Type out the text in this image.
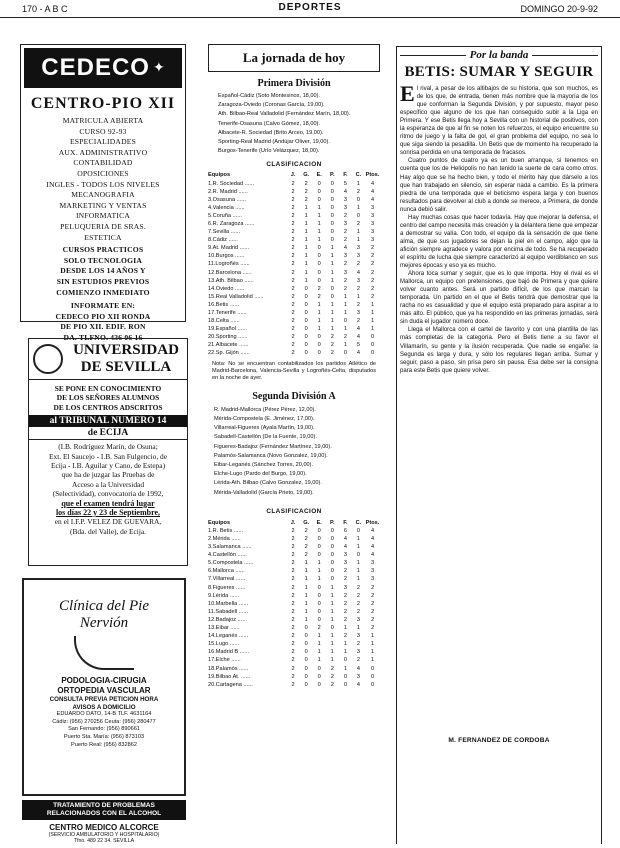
170 - A B C	DEPORTES	DOMINGO 20-9-92
CEDECO ✦
CENTRO-PIO XII
MATRICULA ABIERTA
CURSO 92-93
ESPECIALIDADES
AUX. ADMINISTRATIVO
CONTABILIDAD
OPOSICIONES
INGLES - TODOS LOS NIVELES
MECANOGRAFIA
MARKETING Y VENTAS
INFORMATICA
PELUQUERIA DE SRAS.
ESTETICA
CURSOS PRACTICOS
SOLO TECNOLOGIA
DESDE LOS 14 AÑOS Y
SIN ESTUDIOS PREVIOS
COMIENZO INMEDIATO
INFORMATE EN:
CEDECO PIO XII RONDA
DE PIO XII. EDIF. RON
DA. TLFNO. 436 06 16
UNIVERSIDAD
DE SEVILLA
SE PONE EN CONOCIMIENTO
DE LOS SEÑORES ALUMNOS
DE LOS CENTROS ADSCRITOS
al TRIBUNAL NUMERO 14
de ECIJA
(I.B. Rodríguez Marín, de Osuna;
Ext. El Saucejo - I.B. San Fulgencio, de
Ecija - I.B. Aguilar y Cano, de Estepa)
que ha de juzgar las Pruebas de
Acceso a la Universidad
(Selectividad), convocatoria de 1992,
que el examen tendrá lugar
los días 22 y 23 de Septiembre,
en el I.F.P. VELEZ DE GUEVARA,
(Bda. del Valle), de Ecija.
Clínica del Pie
Nervión
PODOLOGIA-CIRUGIA
ORTOPEDIA VASCULAR
CONSULTA PREVIA PETICION HORA
AVISOS A DOMICILIO
EDUARDO DATO, 14-B TLF. 4631164
Cádiz: (956) 270256 Ceuta: (956) 280477
San Fernando: (956) 890661
Puerto Sta. María: (956) 873103
Puerto Real: (956) 832862
TRATAMIENTO DE PROBLEMAS
RELACIONADOS CON EL ALCOHOL
CENTRO MEDICO ALCORCE
(SERVICIO AMBULATORIO Y HOSPITALARIO)
Tfno. 489 22 34. SEVILLA
La jornada de hoy
Primera División
Español-Cádiz (Soto Montesinos, 18,00).
Zaragoza-Oviedo (Coronas García, 19,00).
Ath. Bilbao-Real Valladolid (Fernández Marín, 18,00).
Tenerife-Osasuna (Calvo Gómez, 18,00).
Albacete-R. Sociedad (Brito Arceo, 19,00).
Sporting-Real Madrid (Andújar Oliver, 19,00).
Burgos-Tenerife (Urío Velázquez, 18,00).
CLASIFICACION
Equipos	J.	G.	E.	P.	F.	C.	Ptos.
1.R. Sociedad ......	2	2	0	0	5	1	4
2.R. Madrid ......	2	2	0	0	4	2	4
3.Osasuna ......	2	2	0	0	3	0	4
4.Valencia ......	2	1	1	0	3	1	3
5.Coruña ......	2	1	1	0	2	0	3
6.R. Zaragoza ......	2	1	1	0	3	2	3
7.Sevilla ......	2	1	1	0	2	1	3
8.Cádiz ......	2	1	1	0	2	1	3
9.At. Madrid ......	2	1	0	1	4	3	2
10.Burgos ......	2	1	0	1	3	3	2
11.Logroñés ......	2	1	0	1	2	2	2
12.Barcelona ......	2	1	0	1	3	4	2
13.Ath. Bilbao ......	2	1	0	1	2	3	2
14.Oviedo ......	2	0	2	0	2	2	2
15.Real Valladolid ......	2	0	2	0	1	1	2
16.Betis ......	2	0	1	1	1	2	1
17.Tenerife ......	2	0	1	1	1	3	1
18.Celta ......	2	0	1	1	0	2	1
19.Español ......	2	0	1	1	1	4	1
20.Sporting ......	2	0	0	2	2	4	0
21.Albacete ......	2	0	0	2	1	5	0
22.Sp. Gijón ......	2	0	0	2	0	4	0
Nota: No se encuentran contabilizados los partidos Atlético de Madrid-Barcelona, Valencia-Sevilla y Logroñés-Celta, disputados en la noche de ayer.
Segunda División A
R. Madrid-Mallorca (Pérez Pérez, 12,00).
Mérida-Compostela (E. Jiménez, 17,00).
Villarreal-Figueres (Ayala Martín, 19,00).
Sabadell-Castellón (De la Fuente, 19,00).
Figueres-Badajoz (Fernández Martínez, 19,00).
Palamós-Salamanca (Novo Gonzalez, 19,00).
Eibar-Leganés (Sánchez Torres, 20,00).
Elche-Lugo (Pardo del Burgo, 19,00).
Lérida-Ath. Bilbao (Calvo Gonzalez, 19,00).
Mérida-Valladolid (García Prieto, 19,00).
CLASIFICACION
Equipos	J.	G.	E.	P.	F.	C.	Ptos.
1.R. Betis ......	2	2	0	0	6	0	4
2.Mérida ......	2	2	0	0	4	1	4
3.Salamanca ......	2	2	0	0	4	1	4
4.Castellón ......	2	2	0	0	3	0	4
5.Compostela ......	2	1	1	0	3	1	3
6.Mallorca ......	2	1	1	0	2	1	3
7.Villarreal ......	2	1	1	0	2	1	3
8.Figueres ......	2	1	0	1	3	2	2
9.Lérida ......	2	1	0	1	2	2	2
10.Marbella ......	2	1	0	1	2	2	2
11.Sabadell ......	2	1	0	1	2	2	2
12.Badajoz ......	2	1	0	1	2	3	2
13.Eibar ......	2	0	2	0	1	1	2
14.Leganés ......	2	0	1	1	2	3	1
15.Lugo ......	2	0	1	1	1	2	1
16.Madrid B ......	2	0	1	1	1	3	1
17.Elche ......	2	0	1	1	0	2	1
18.Palamós ......	2	0	0	2	1	4	0
19.Bilbao At. ......	2	0	0	2	0	3	0
20.Cartagena ......	2	0	0	2	0	4	0
Por la banda
BETIS: SUMAR Y SEGUIR

El rival, a pesar de los altibajos de su historia, que son muchos, es de los que, de entrada, tienen más nombre que la mayoría de los que conforman la Segunda División, y por supuesto, mayor peso específico que alguno de los que han conseguido subir a la Liga en Primera. Y ese Betis llega hoy a Sevilla con un historial de positivos, con la esperanza de que al fin se noten los refuerzos, el equipo encuentre su ritmo de juego y la falta de gol, el gran problema del equipo, no sea lo que siga siendo la pesadilla. Un Betis que de momento ha recuperado la sonrisa perdida en una temporada de fracasos.

Cuatro puntos de cuatro ya es un buen arranque, si tenemos en cuenta que los de Heliópolis no han tenido la suerte de cara como otros. Hay algo que se ha hecho bien, y todo el mérito hay que dárselo a los que han trabajado en silencio, sin esperar nada a cambio. Es la primera piedra de una temporada que el beticismo espera larga y con buenos resultados para devolver al club a donde se merece, a Primera, de donde nunca debió salir.

Hay muchas cosas que hacer todavía. Hay que mejorar la defensa, el centro del campo necesita más creación y la delantera tiene que empezar a demostrar su valía. Con todo, el equipo da la sensación de que tiene alma, de que sus jugadores se dejan la piel en el campo, algo que la afición siempre agradece y valora por encima de todo. Se ha recuperado el espíritu de lucha que siempre caracterizó al equipo verdiblanco en sus mejores épocas y eso ya es mucho.

Ahora toca sumar y seguir, que es lo que importa. Hoy el rival es el Mallorca, un equipo con pretensiones, que bajó de Primera y que quiere volver cuanto antes. Será un partido difícil, de los que marcan la temporada. Un partido en el que el Betis tendrá que demostrar que la racha no es casualidad y que el equipo está preparado para aspirar a lo más alto. El público, que ya ha respondido en las primeras jornadas, será sin duda el jugador número doce.

Llega el Mallorca con el cartel de favorito y con una plantilla de las más completas de la categoría. Pero el Betis tiene a su favor el Villamarín, su gente y la ilusión recuperada. Que nadie se engañe: la Segunda es larga y dura, y sólo los regulares llegan arriba. Sumar y seguir, paso a paso, sin prisa pero sin pausa. Esa debe ser la consigna para este Betis que quiere volver.

M. FERNANDEZ DE CORDOBA
